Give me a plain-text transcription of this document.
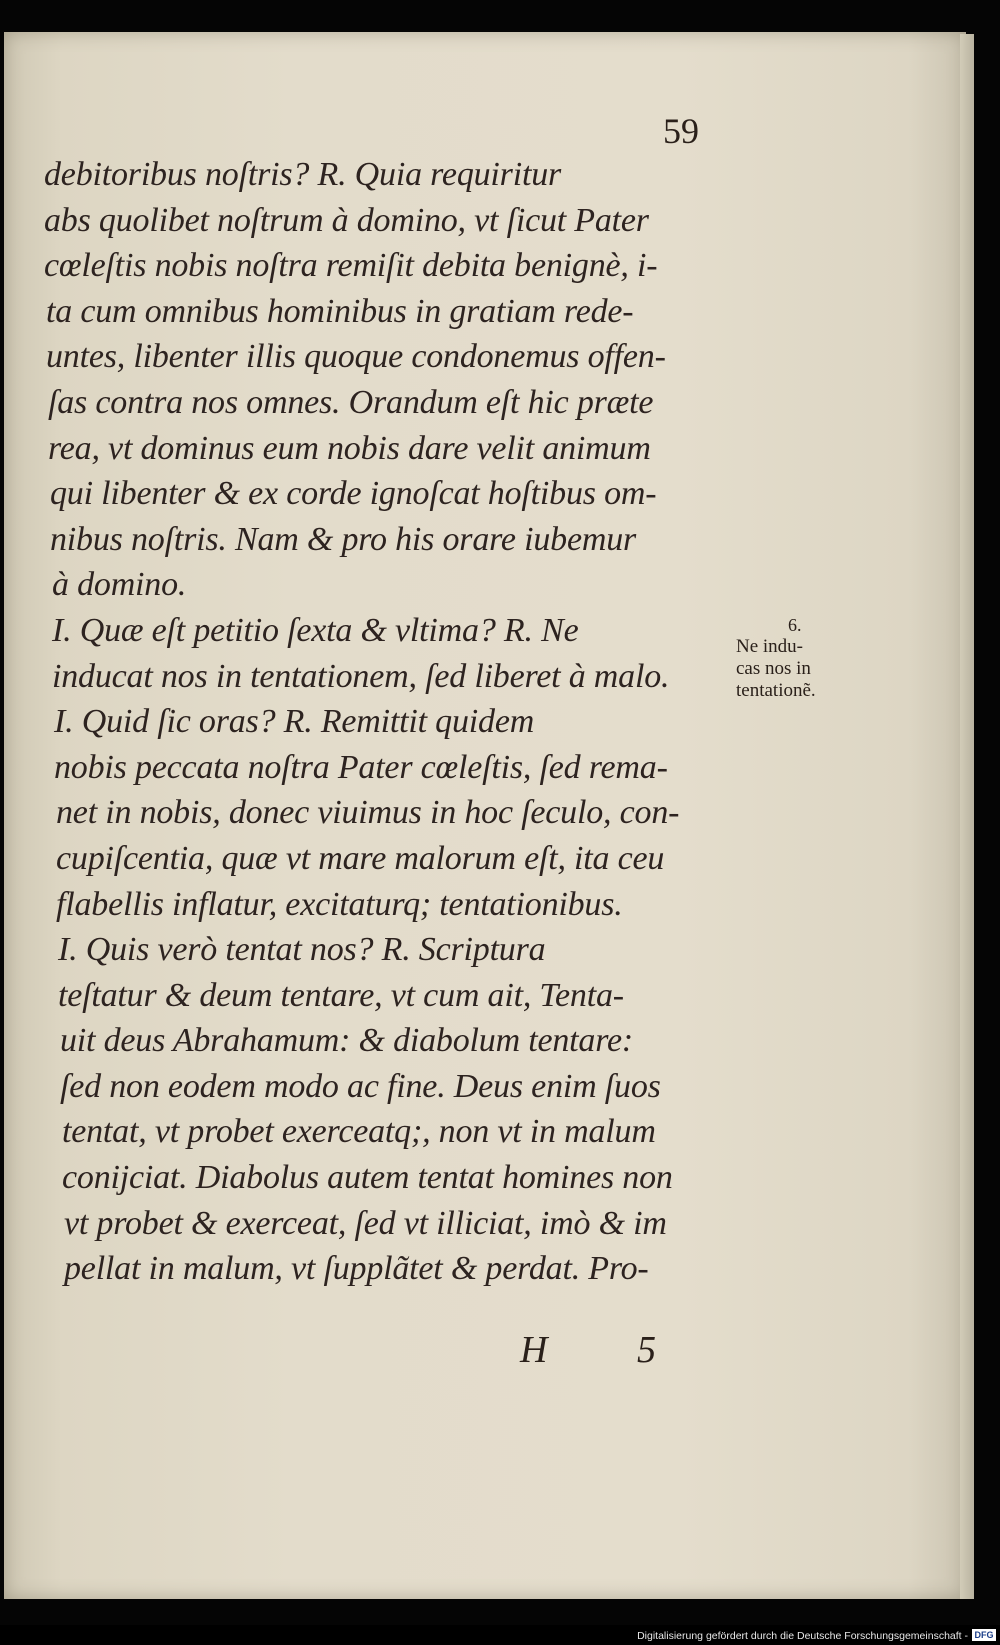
59
debitoribus noſtris? R. Quia requiritur
abs quolibet noſtrum à domino, vt ſicut Pater
cœleſtis nobis noſtra remiſit debita benignè, i-
ta cum omnibus hominibus in gratiam rede-
untes, libenter illis quoque condonemus offen-
ſas contra nos omnes. Orandum eſt hic præte
rea, vt dominus eum nobis dare velit animum
qui libenter & ex corde ignoſcat hoſtibus om-
nibus noſtris. Nam & pro his orare iubemur
à domino.
I. Quæ eſt petitio ſexta & vltima? R. Ne
inducat nos in tentationem, ſed liberet à malo.
I. Quid ſic oras? R. Remittit quidem
nobis peccata noſtra Pater cœleſtis, ſed rema-
net in nobis, donec viuimus in hoc ſeculo, con-
cupiſcentia, quæ vt mare malorum eſt, ita ceu
flabellis inflatur, excitaturq; tentationibus.
I. Quis verò tentat nos? R. Scriptura
teſtatur & deum tentare, vt cum ait, Tenta-
uit deus Abrahamum: & diabolum tentare:
ſed non eodem modo ac fine. Deus enim ſuos
tentat, vt probet exerceatq;, non vt in malum
conijciat. Diabolus autem tentat homines non
vt probet & exerceat, ſed vt illiciat, imò & im
pellat in malum, vt ſupplãtet & perdat. Pro-
6.
Ne indu-
cas nos in
tentationẽ.
H 5
Digitalisierung gefördert durch die Deutsche Forschungsgemeinschaft - DFG
